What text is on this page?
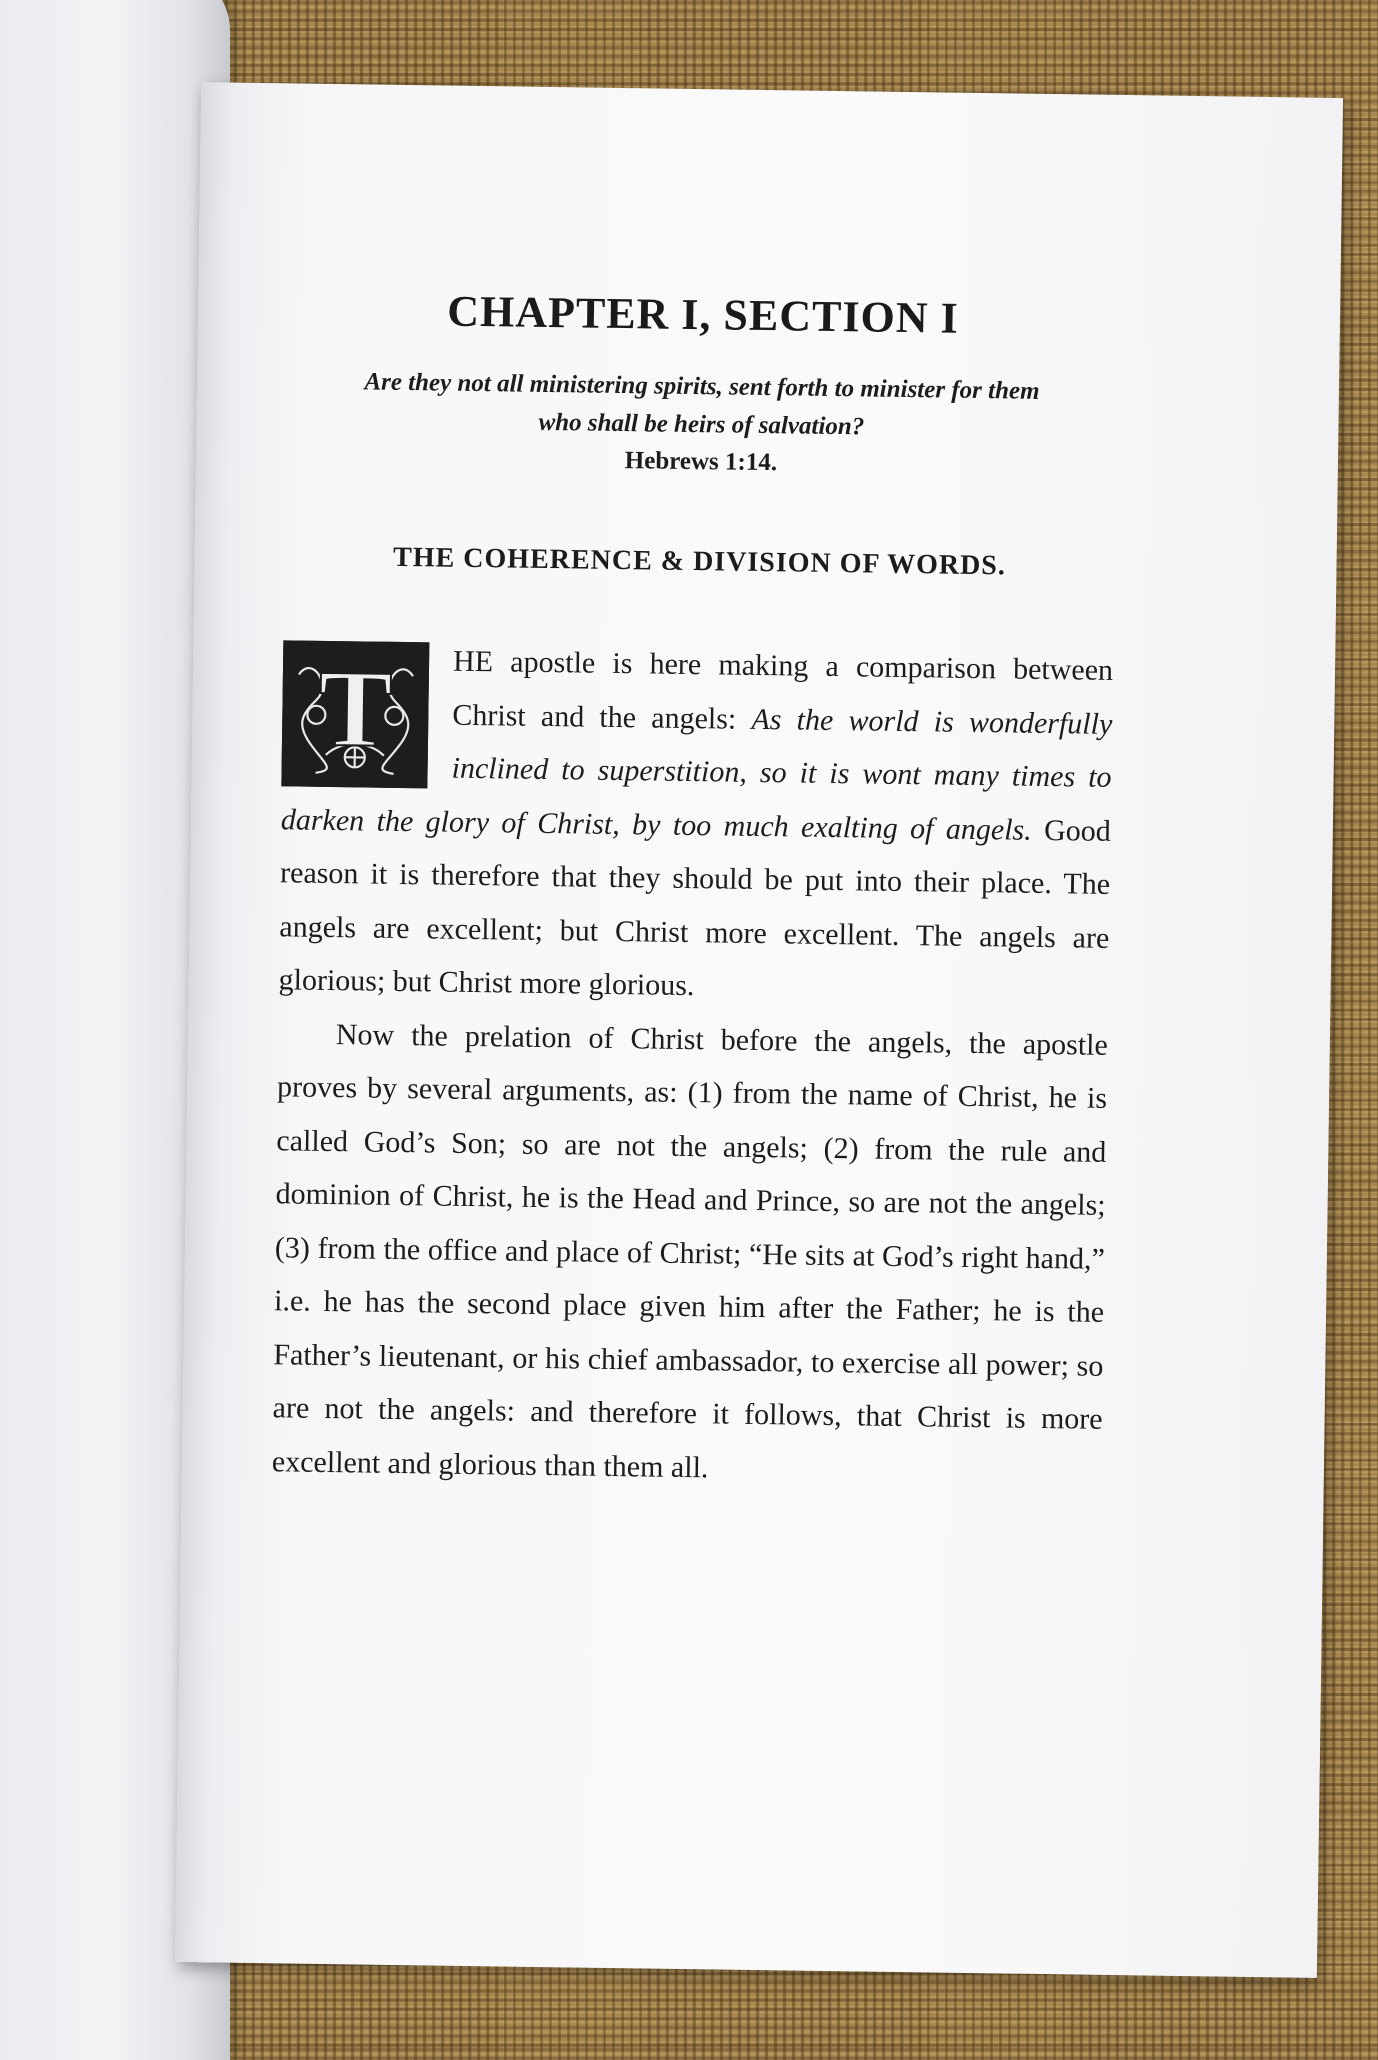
CHAPTER I, SECTION I
Are they not all ministering spirits, sent forth to minister for them who shall be heirs of salvation?
Hebrews 1:14.
THE COHERENCE & DIVISION OF WORDS.

T HE apostle is here making a comparison between Christ and the angels: As the world is wonderfully inclined to superstition, so it is wont many times to darken the glory of Christ, by too much exalting of angels. Good reason it is therefore that they should be put into their place. The angels are excellent; but Christ more excellent. The angels are glorious; but Christ more glorious.

Now the prelation of Christ before the angels, the apostle proves by several arguments, as: (1) from the name of Christ, he is called God’s Son; so are not the angels; (2) from the rule and dominion of Christ, he is the Head and Prince, so are not the angels; (3) from the office and place of Christ; “He sits at God’s right hand,” i.e. he has the second place given him after the Father; he is the Father’s lieutenant, or his chief ambassador, to exercise all power; so are not the angels: and therefore it follows, that Christ is more excellent and glorious than them all.
